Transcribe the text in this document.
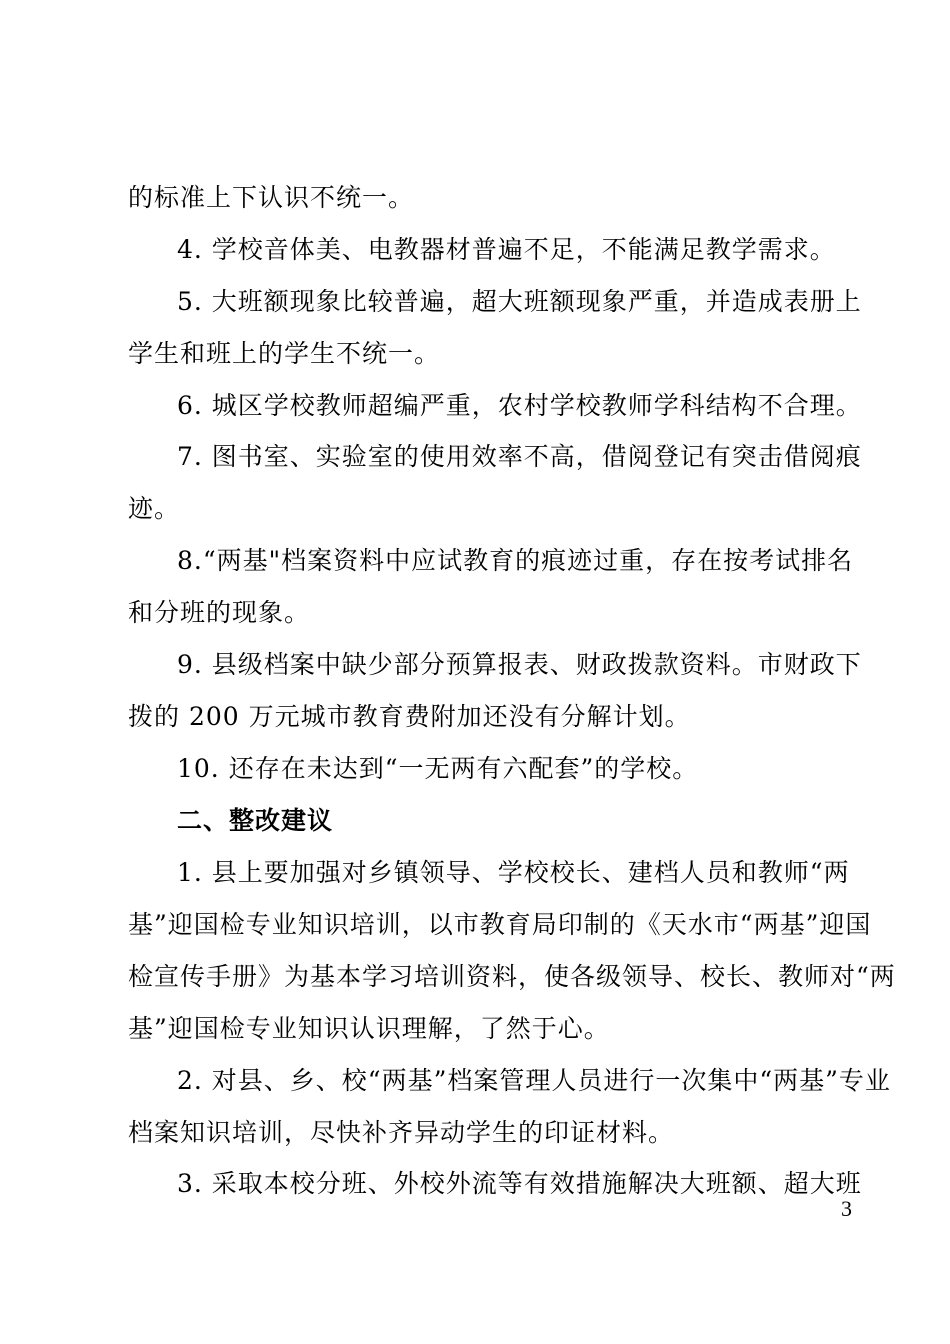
的标准上下认识不统一。
4. 学校音体美、电教器材普遍不足，不能满足教学需求。
5. 大班额现象比较普遍，超大班额现象严重，并造成表册上
学生和班上的学生不统一。
6. 城区学校教师超编严重，农村学校教师学科结构不合理。
7. 图书室、实验室的使用效率不高，借阅登记有突击借阅痕
迹。
8.“两基"档案资料中应试教育的痕迹过重，存在按考试排名
和分班的现象。
9. 县级档案中缺少部分预算报表、财政拨款资料。市财政下
拨的 200 万元城市教育费附加还没有分解计划。
10. 还存在未达到“一无两有六配套”的学校。
二、整改建议
1. 县上要加强对乡镇领导、学校校长、建档人员和教师“两
基”迎国检专业知识培训，以市教育局印制的《天水市“两基”迎国
检宣传手册》为基本学习培训资料，使各级领导、校长、教师对“两
基”迎国检专业知识认识理解，了然于心。
2. 对县、乡、校“两基”档案管理人员进行一次集中“两基”专业
档案知识培训，尽快补齐异动学生的印证材料。
3. 采取本校分班、外校外流等有效措施解决大班额、超大班
3
